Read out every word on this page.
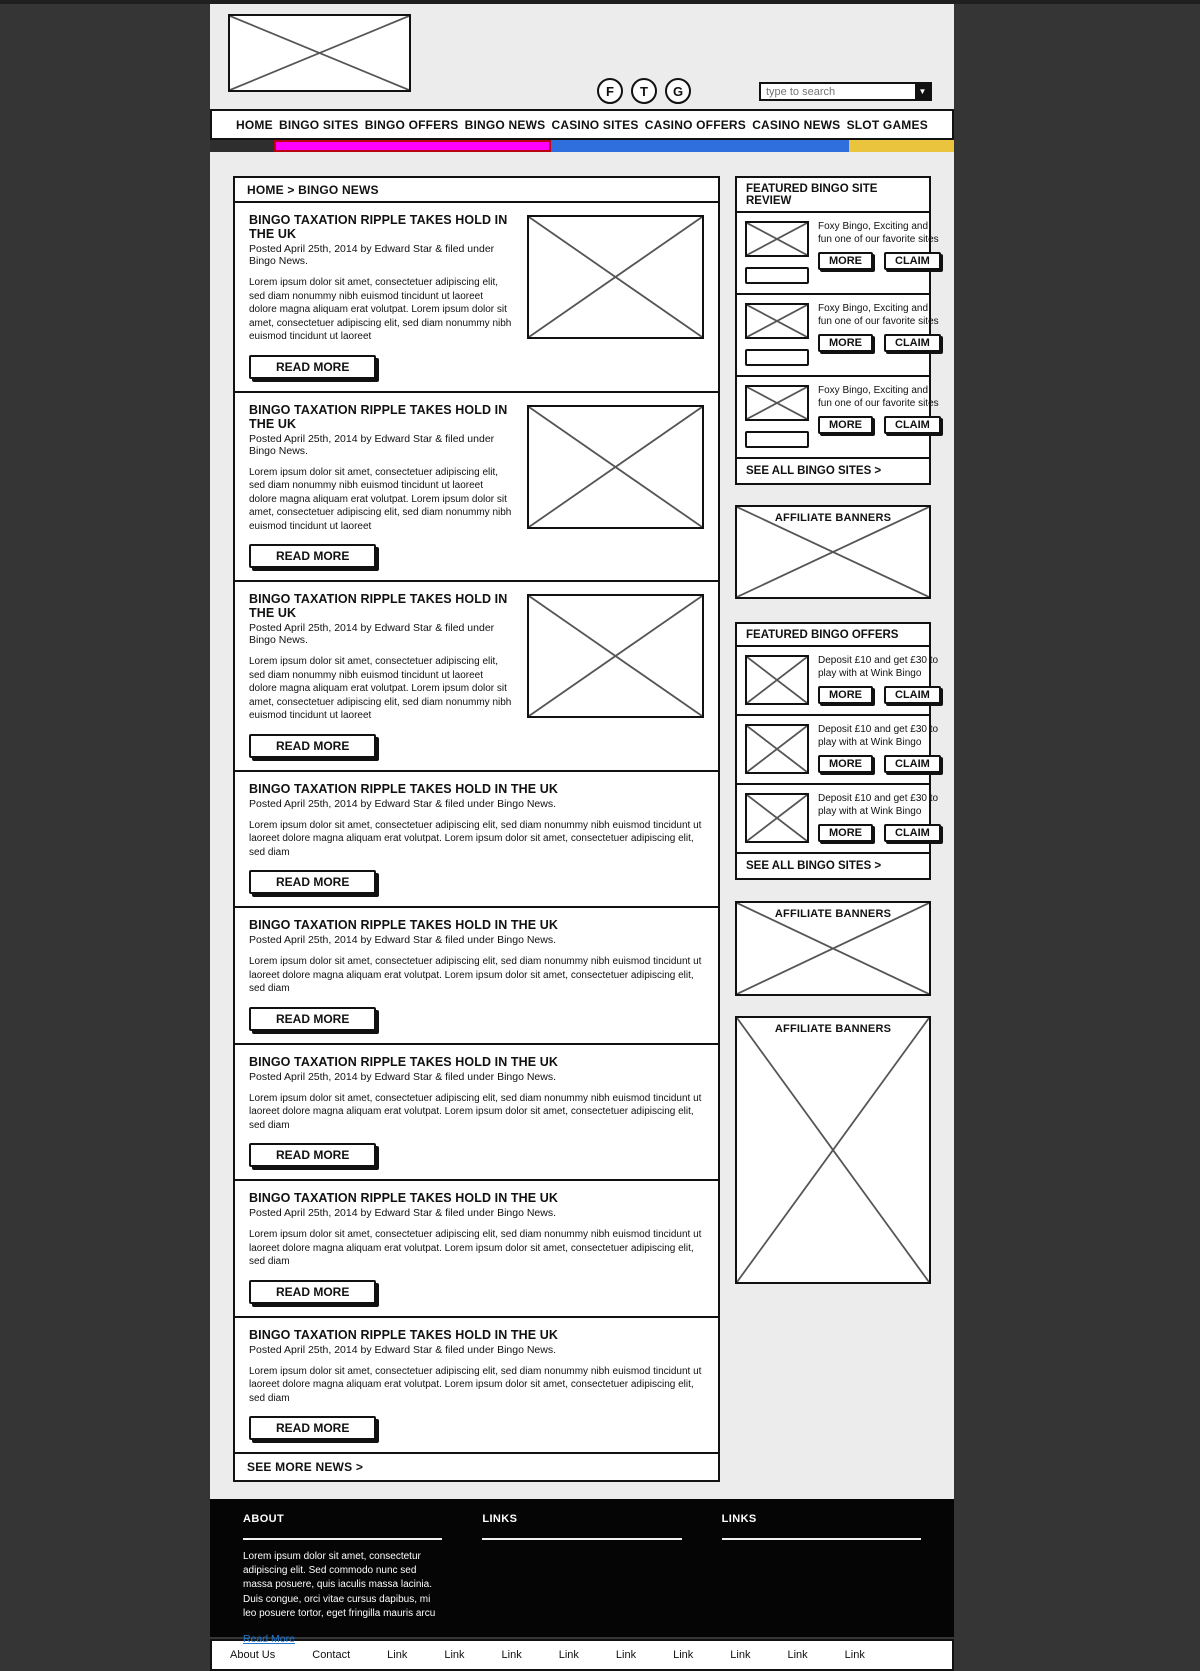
F T G
type to search	▼
HOME BINGO SITES BINGO OFFERS BINGO NEWS CASINO SITES CASINO OFFERS CASINO NEWS SLOT GAMES
HOME > BINGO NEWS
BINGO TAXATION RIPPLE TAKES HOLD IN THE UK
Posted April 25th, 2014 by Edward Star & filed under Bingo News.
Lorem ipsum dolor sit amet, consectetuer adipiscing elit, sed diam nonummy nibh euismod tincidunt ut laoreet dolore magna aliquam erat volutpat. Lorem ipsum dolor sit amet, consectetuer adipiscing elit, sed diam nonummy nibh euismod tincidunt ut laoreet
READ MORE
BINGO TAXATION RIPPLE TAKES HOLD IN THE UK
Posted April 25th, 2014 by Edward Star & filed under Bingo News.
Lorem ipsum dolor sit amet, consectetuer adipiscing elit, sed diam nonummy nibh euismod tincidunt ut laoreet dolore magna aliquam erat volutpat. Lorem ipsum dolor sit amet, consectetuer adipiscing elit, sed diam nonummy nibh euismod tincidunt ut laoreet
READ MORE
BINGO TAXATION RIPPLE TAKES HOLD IN THE UK
Posted April 25th, 2014 by Edward Star & filed under Bingo News.
Lorem ipsum dolor sit amet, consectetuer adipiscing elit, sed diam nonummy nibh euismod tincidunt ut laoreet dolore magna aliquam erat volutpat. Lorem ipsum dolor sit amet, consectetuer adipiscing elit, sed diam nonummy nibh euismod tincidunt ut laoreet
READ MORE
BINGO TAXATION RIPPLE TAKES HOLD IN THE UK
Posted April 25th, 2014 by Edward Star & filed under Bingo News.
Lorem ipsum dolor sit amet, consectetuer adipiscing elit, sed diam nonummy nibh euismod tincidunt ut laoreet dolore magna aliquam erat volutpat. Lorem ipsum dolor sit amet, consectetuer adipiscing elit, sed diam
READ MORE
BINGO TAXATION RIPPLE TAKES HOLD IN THE UK
Posted April 25th, 2014 by Edward Star & filed under Bingo News.
Lorem ipsum dolor sit amet, consectetuer adipiscing elit, sed diam nonummy nibh euismod tincidunt ut laoreet dolore magna aliquam erat volutpat. Lorem ipsum dolor sit amet, consectetuer adipiscing elit, sed diam
READ MORE
BINGO TAXATION RIPPLE TAKES HOLD IN THE UK
Posted April 25th, 2014 by Edward Star & filed under Bingo News.
Lorem ipsum dolor sit amet, consectetuer adipiscing elit, sed diam nonummy nibh euismod tincidunt ut laoreet dolore magna aliquam erat volutpat. Lorem ipsum dolor sit amet, consectetuer adipiscing elit, sed diam
READ MORE
BINGO TAXATION RIPPLE TAKES HOLD IN THE UK
Posted April 25th, 2014 by Edward Star & filed under Bingo News.
Lorem ipsum dolor sit amet, consectetuer adipiscing elit, sed diam nonummy nibh euismod tincidunt ut laoreet dolore magna aliquam erat volutpat. Lorem ipsum dolor sit amet, consectetuer adipiscing elit, sed diam
READ MORE
BINGO TAXATION RIPPLE TAKES HOLD IN THE UK
Posted April 25th, 2014 by Edward Star & filed under Bingo News.
Lorem ipsum dolor sit amet, consectetuer adipiscing elit, sed diam nonummy nibh euismod tincidunt ut laoreet dolore magna aliquam erat volutpat. Lorem ipsum dolor sit amet, consectetuer adipiscing elit, sed diam
READ MORE
SEE MORE NEWS >
FEATURED BINGO SITE REVIEW
Foxy Bingo, Exciting and fun one of our favorite sites
MORE	CLAIM
Foxy Bingo, Exciting and fun one of our favorite sites
MORE	CLAIM
Foxy Bingo, Exciting and fun one of our favorite sites
MORE	CLAIM
SEE ALL BINGO SITES >
AFFILIATE BANNERS
FEATURED BINGO OFFERS
Deposit £10 and get £30 to play with at Wink Bingo
MORE	CLAIM
Deposit £10 and get £30 to play with at Wink Bingo
MORE	CLAIM
Deposit £10 and get £30 to play with at Wink Bingo
MORE	CLAIM
SEE ALL BINGO SITES >
AFFILIATE BANNERS
AFFILIATE BANNERS
ABOUT

Lorem ipsum dolor sit amet, consectetur adipiscing elit. Sed commodo nunc sed massa posuere, quis iaculis massa lacinia. Duis congue, orci vitae cursus dapibus, mi leo posuere tortor, eget fringilla mauris arcu

Read More
LINKS	LINKS
About Us	Contact	Link	Link	Link	Link	Link	Link	Link	Link	Link
